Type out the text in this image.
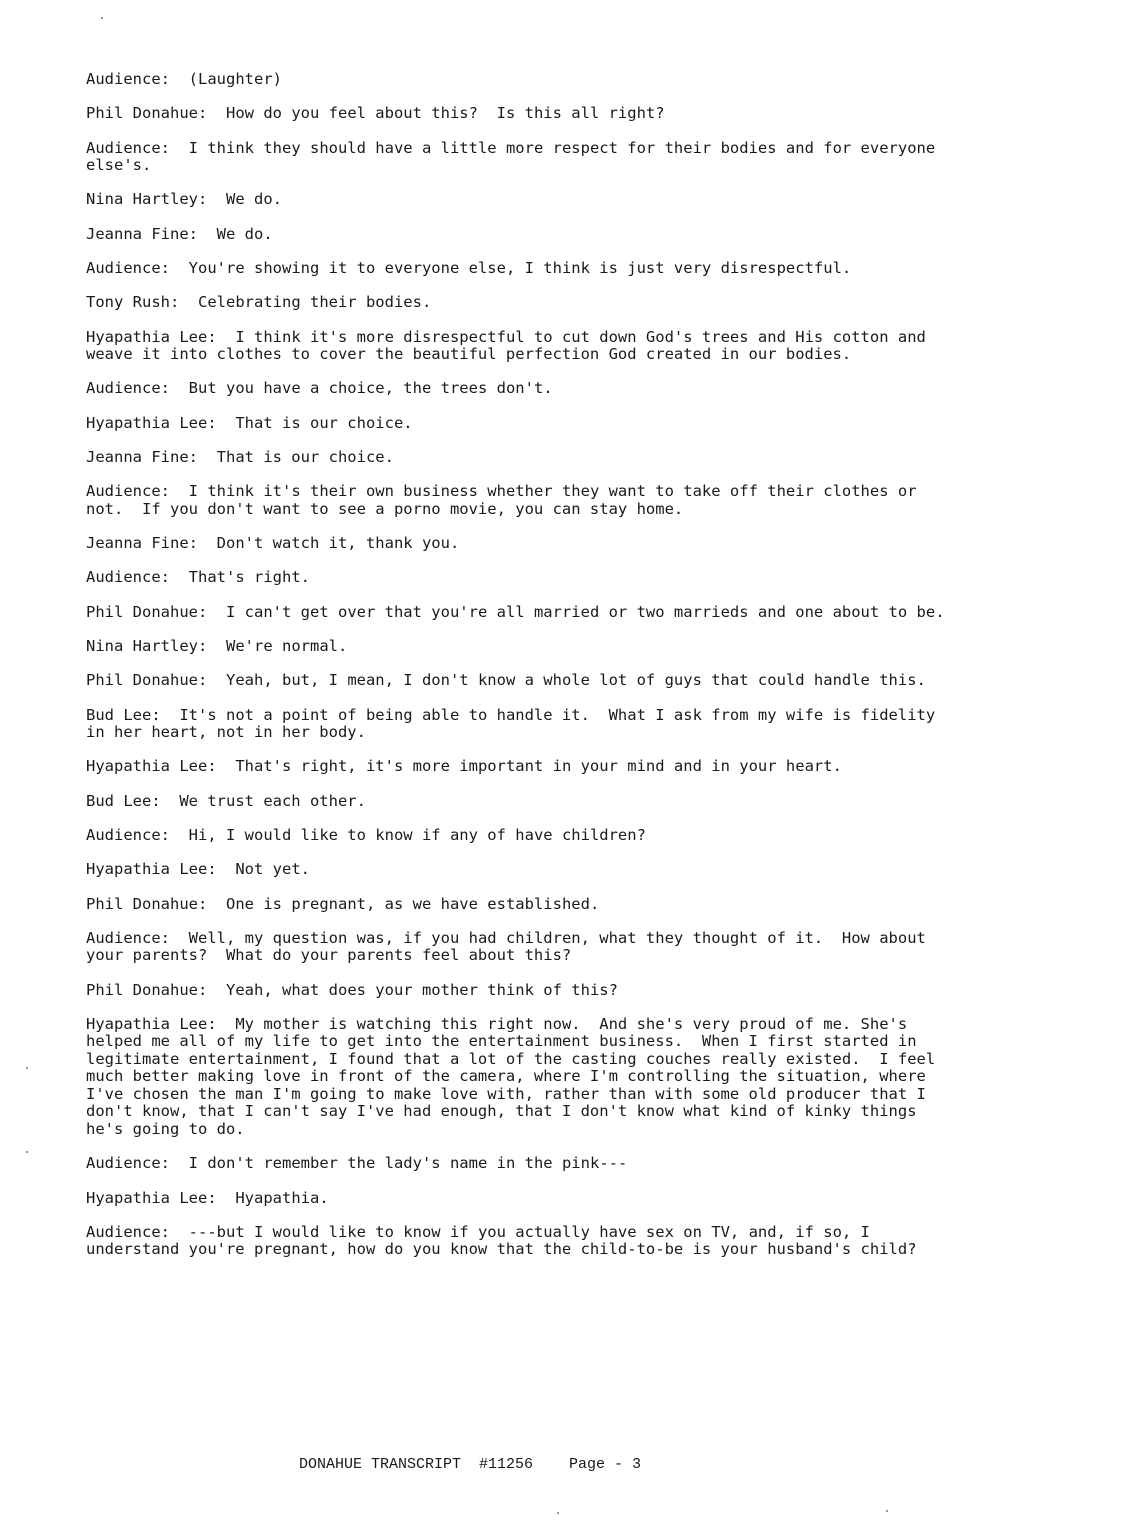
Audience: (Laughter)
Phil Donahue: How do you feel about this?  Is this all right?
Audience: I think they should have a little more respect for their bodies and for everyone else's.
Nina Hartley: We do.
Jeanna Fine: We do.
Audience: You're showing it to everyone else, I think is just very disrespectful.
Tony Rush: Celebrating their bodies.
Hyapathia Lee: I think it's more disrespectful to cut down God's trees and His cotton and weave it into clothes to cover the beautiful perfection God created in our bodies.
Audience: But you have a choice, the trees don't.
Hyapathia Lee: That is our choice.
Jeanna Fine: That is our choice.
Audience: I think it's their own business whether they want to take off their clothes or not.  If you don't want to see a porno movie, you can stay home.
Jeanna Fine: Don't watch it, thank you.
Audience: That's right.
Phil Donahue: I can't get over that you're all married or two marrieds and one about to be.
Nina Hartley: We're normal.
Phil Donahue: Yeah, but, I mean, I don't know a whole lot of guys that could handle this.
Bud Lee: It's not a point of being able to handle it.  What I ask from my wife is fidelity in her heart, not in her body.
Hyapathia Lee: That's right, it's more important in your mind and in your heart.
Bud Lee: We trust each other.
Audience: Hi, I would like to know if any of have children?
Hyapathia Lee: Not yet.
Phil Donahue: One is pregnant, as we have established.
Audience: Well, my question was, if you had children, what they thought of it.  How about your parents?  What do your parents feel about this?
Phil Donahue: Yeah, what does your mother think of this?
Hyapathia Lee: My mother is watching this right now.  And she's very proud of me. She's helped me all of my life to get into the entertainment business.  When I first started in legitimate entertainment, I found that a lot of the casting couches really existed.  I feel much better making love in front of the camera, where I'm controlling the situation, where I've chosen the man I'm going to make love with, rather than with some old producer that I don't know, that I can't say I've had enough, that I don't know what kind of kinky things he's going to do.
Audience: I don't remember the lady's name in the pink---
Hyapathia Lee: Hyapathia.
Audience: ---but I would like to know if you actually have sex on TV, and, if so, I understand you're pregnant, how do you know that the child-to-be is your husband's child?
DONAHUE TRANSCRIPT #11256 Page - 3
